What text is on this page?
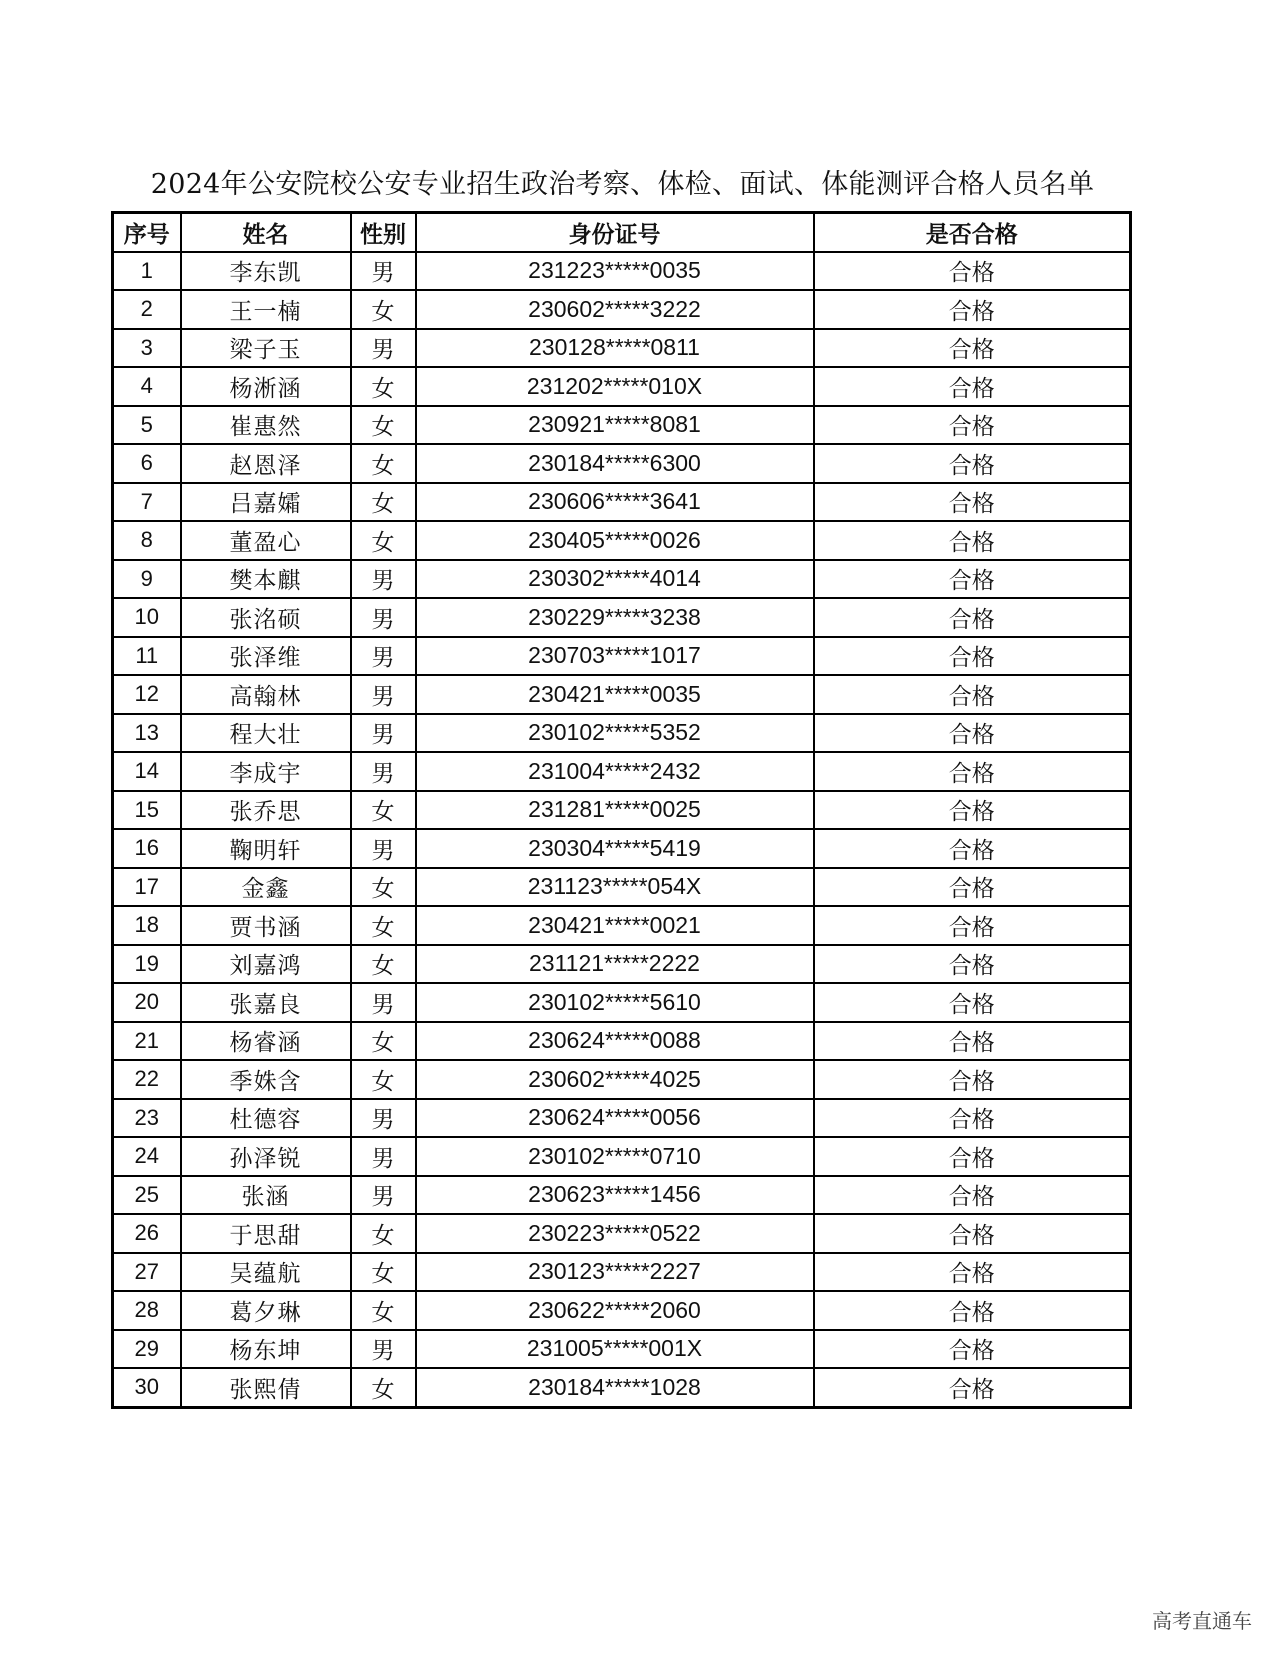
2024年公安院校公安专业招生政治考察、体检、面试、体能测评合格人员名单
序号	姓名	性别	身份证号	是否合格
1	李东凯	男	231223*****0035	合格
2	王一楠	女	230602*****3222	合格
3	梁子玉	男	230128*****0811	合格
4	杨淅涵	女	231202*****010X	合格
5	崔惠然	女	230921*****8081	合格
6	赵恩泽	女	230184*****6300	合格
7	吕嘉孀	女	230606*****3641	合格
8	董盈心	女	230405*****0026	合格
9	樊本麒	男	230302*****4014	合格
10	张洺硕	男	230229*****3238	合格
11	张泽维	男	230703*****1017	合格
12	高翰林	男	230421*****0035	合格
13	程大壮	男	230102*****5352	合格
14	李成宇	男	231004*****2432	合格
15	张乔思	女	231281*****0025	合格
16	鞠明轩	男	230304*****5419	合格
17	金鑫	女	231123*****054X	合格
18	贾书涵	女	230421*****0021	合格
19	刘嘉鸿	女	231121*****2222	合格
20	张嘉良	男	230102*****5610	合格
21	杨睿涵	女	230624*****0088	合格
22	季姝含	女	230602*****4025	合格
23	杜德容	男	230624*****0056	合格
24	孙泽锐	男	230102*****0710	合格
25	张涵	男	230623*****1456	合格
26	于思甜	女	230223*****0522	合格
27	吴蕴航	女	230123*****2227	合格
28	葛夕琳	女	230622*****2060	合格
29	杨东坤	男	231005*****001X	合格
30	张熙倩	女	230184*****1028	合格
高考直通车
